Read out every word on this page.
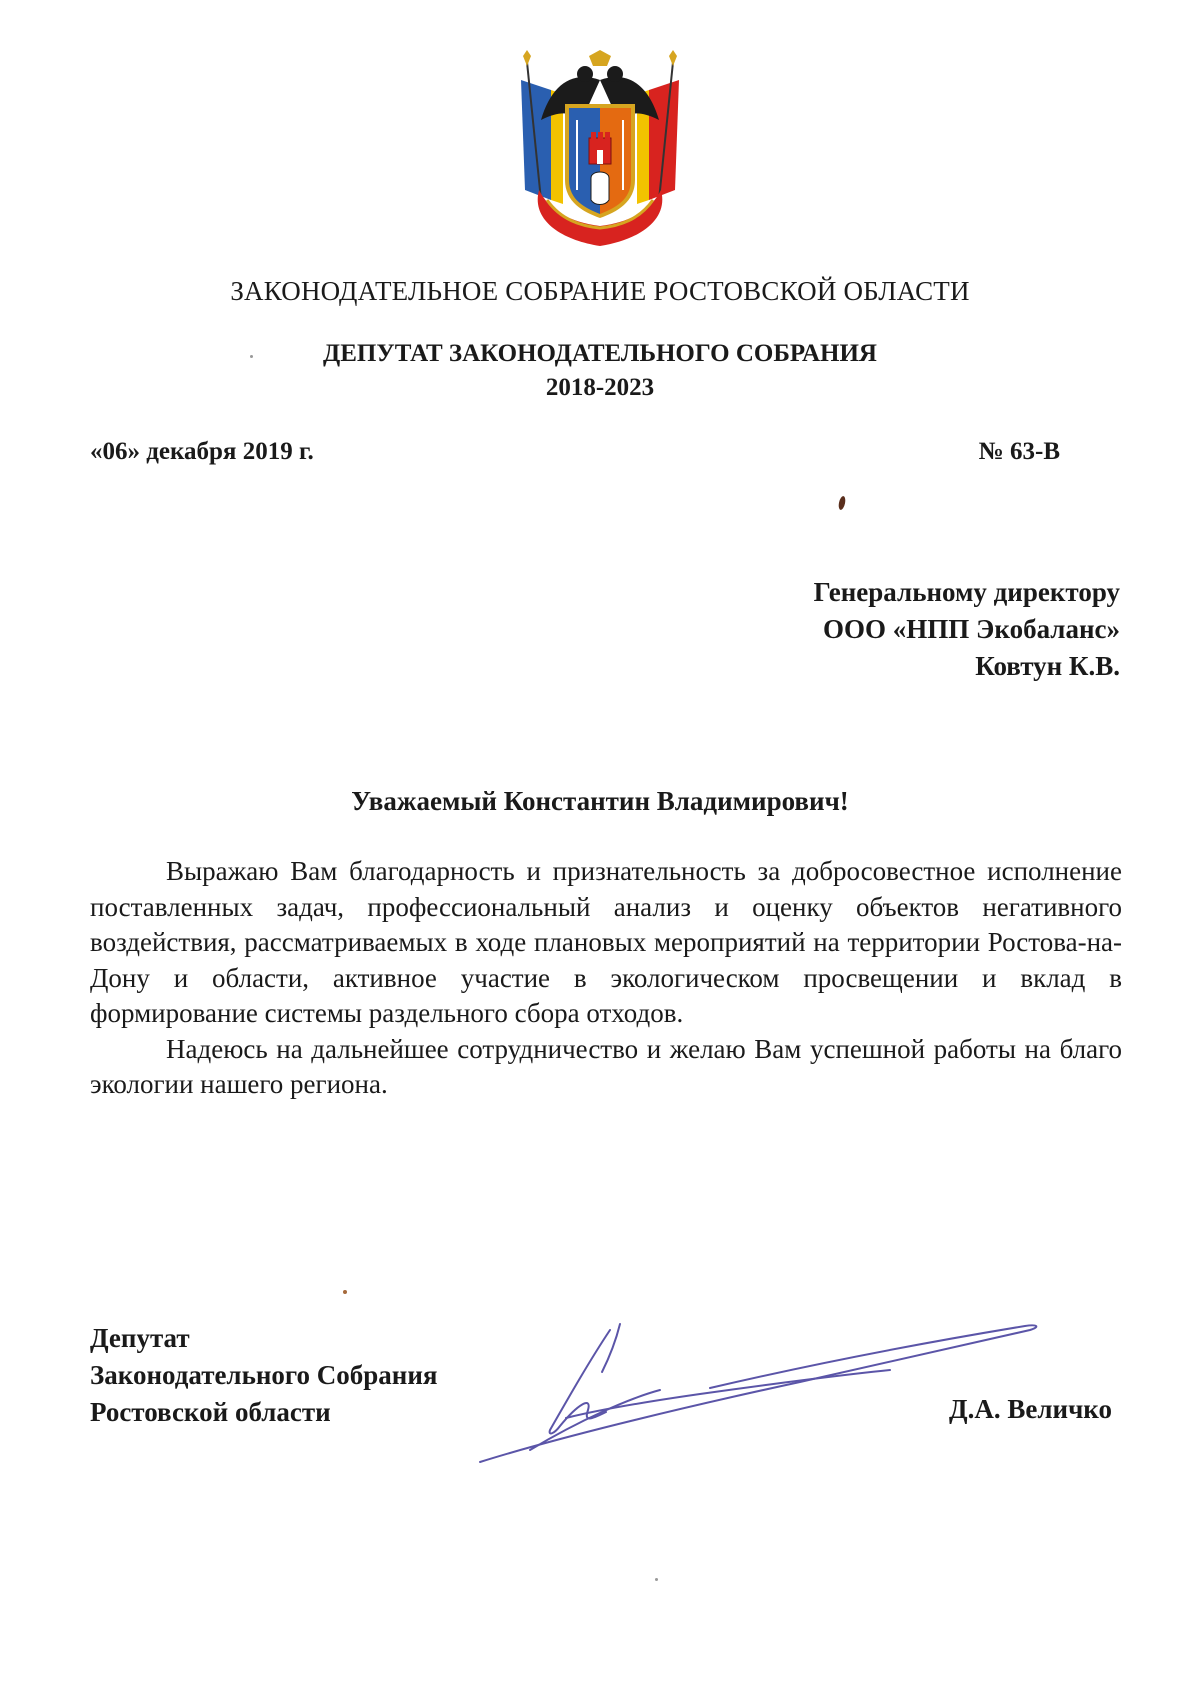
ЗАКОНОДАТЕЛЬНОЕ СОБРАНИЕ РОСТОВСКОЙ ОБЛАСТИ
ДЕПУТАТ ЗАКОНОДАТЕЛЬНОГО СОБРАНИЯ
2018-2023
«06» декабря 2019 г.	№ 63-В
Генеральному директору
ООО «НПП Экобаланс»
Ковтун К.В.
Уважаемый Константин Владимирович!

Выражаю Вам благодарность и признательность за добросовестное исполнение поставленных задач, профессиональный анализ и оценку объектов негативного воздействия, рассматриваемых в ходе плановых мероприятий на территории Ростова-на-Дону и области, активное участие в экологическом просвещении и вклад в формирование системы раздельного сбора отходов.

Надеюсь на дальнейшее сотрудничество и желаю Вам успешной работы на благо экологии нашего региона.

Депутат
Законодательного Собрания
Ростовской области	Д.А. Величко
